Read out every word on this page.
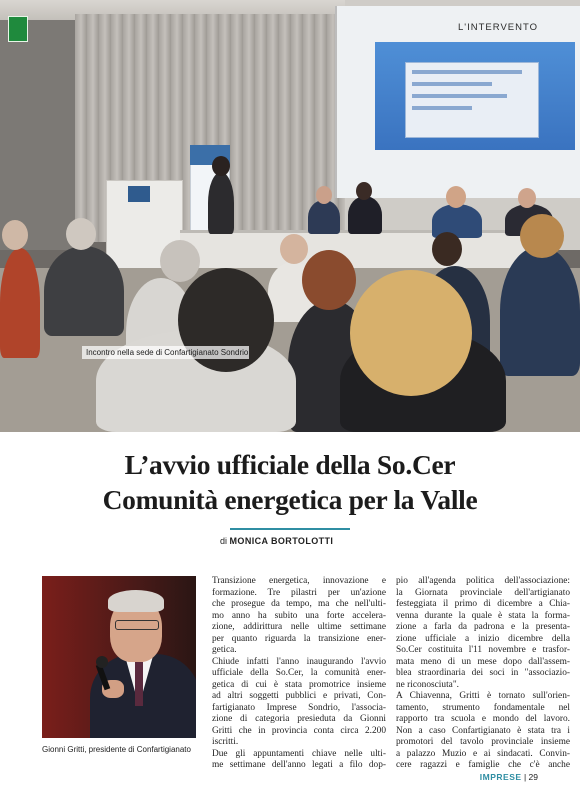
L'INTERVENTO
Incontro nella sede di Confartigianato Sondrio
L’avvio ufficiale della So.Cer
Comunità energetica per la Valle
di MONICA BORTOLOTTI
Gionni Gritti, presidente di Confartigianato
Transizione energetica, innovazione e
formazione. Tre pilastri per un'azione
che prosegue da tempo, ma che nell'ulti-
mo anno ha subito una forte accelera-
zione, addirittura nelle ultime settimane
per quanto riguarda la transizione ener-
getica.
Chiude infatti l'anno inaugurando l'avvio
ufficiale della So.Cer, la comunità ener-
getica di cui è stata promotrice insieme
ad altri soggetti pubblici e privati, Con-
fartigianato Imprese Sondrio, l'associa-
zione di categoria presieduta da Gionni
Gritti che in provincia conta circa 2.200
iscritti.
Due gli appuntamenti chiave nelle ulti-
me settimane dell'anno legati a filo dop-
pio all'agenda politica dell'associazione:
la Giornata provinciale dell'artigianato
festeggiata il primo di dicembre a Chia-
venna durante la quale è stata la forma-
zione a farla da padrona e la presenta-
zione ufficiale a inizio dicembre della
So.Cer costituita l'11 novembre e trasfor-
mata meno di un mese dopo dall'assem-
blea straordinaria dei soci in "associazio-
ne riconosciuta".
A Chiavenna, Gritti è tornato sull'orien-
tamento, strumento fondamentale nel
rapporto tra scuola e mondo del lavoro.
Non a caso Confartigianato è stata tra i
promotori del tavolo provinciale insieme
a palazzo Muzio e ai sindacati. Convin-
cere ragazzi e famiglie che c'è anche
IMPRESE | 29
